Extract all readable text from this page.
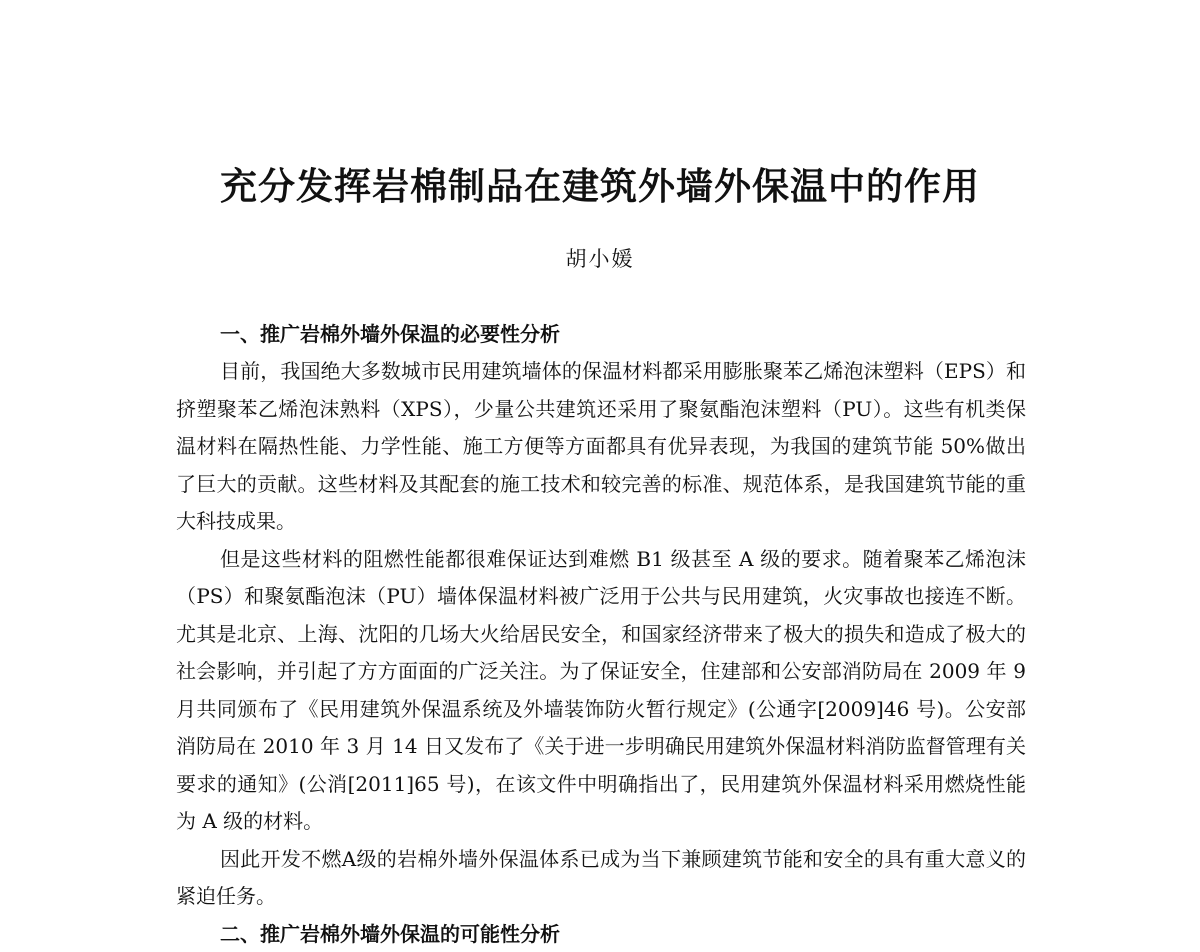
充分发挥岩棉制品在建筑外墙外保温中的作用
胡小媛
一、推广岩棉外墙外保温的必要性分析

目前，我国绝大多数城市民用建筑墙体的保温材料都采用膨胀聚苯乙烯泡沫塑料（EPS）和挤塑聚苯乙烯泡沫熟料（XPS），少量公共建筑还采用了聚氨酯泡沫塑料（PU）。这些有机类保温材料在隔热性能、力学性能、施工方便等方面都具有优异表现，为我国的建筑节能 50%做出了巨大的贡献。这些材料及其配套的施工技术和较完善的标准、规范体系，是我国建筑节能的重大科技成果。

但是这些材料的阻燃性能都很难保证达到难燃 B1 级甚至 A 级的要求。随着聚苯乙烯泡沫（PS）和聚氨酯泡沫（PU）墙体保温材料被广泛用于公共与民用建筑，火灾事故也接连不断。尤其是北京、上海、沈阳的几场大火给居民安全，和国家经济带来了极大的损失和造成了极大的社会影响，并引起了方方面面的广泛关注。为了保证安全，住建部和公安部消防局在 2009 年 9 月共同颁布了《民用建筑外保温系统及外墙装饰防火暂行规定》(公通字[2009]46 号)。公安部消防局在 2010 年 3 月 14 日又发布了《关于进一步明确民用建筑外保温材料消防监督管理有关要求的通知》(公消[2011]65 号)，在该文件中明确指出了，民用建筑外保温材料采用燃烧性能为 A 级的材料。

因此开发不燃A级的岩棉外墙外保温体系已成为当下兼顾建筑节能和安全的具有重大意义的紧迫任务。

二、推广岩棉外墙外保温的可能性分析
